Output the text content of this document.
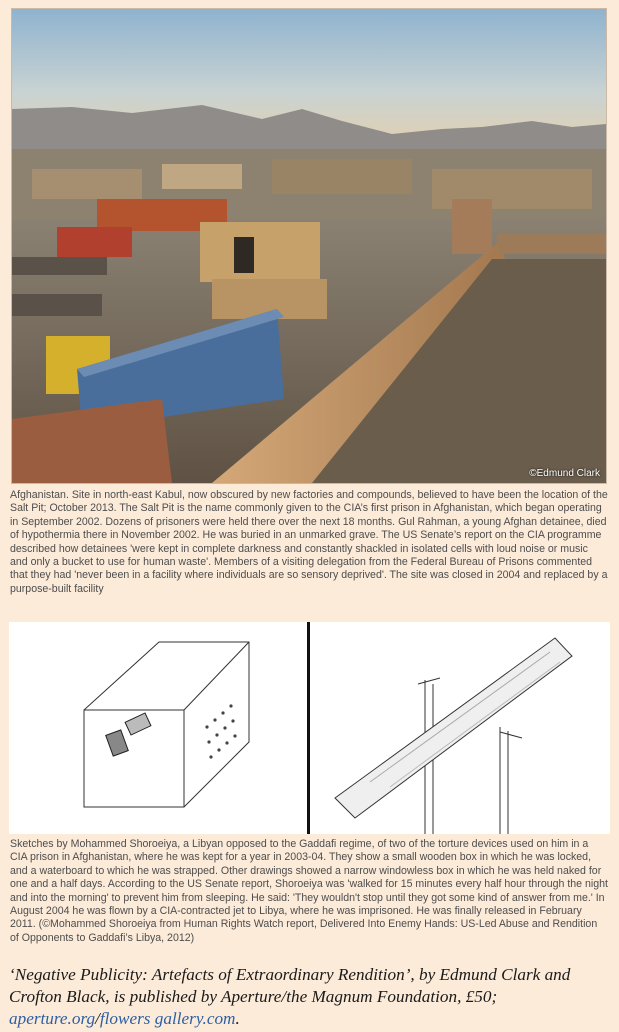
©Edmund Clark

Afghanistan. Site in north-east Kabul, now obscured by new factories and compounds, believed to have been the location of the Salt Pit; October 2013. The Salt Pit is the name commonly given to the CIA’s first prison in Afghanistan, which began operating in September 2002. Dozens of prisoners were held there over the next 18 months. Gul Rahman, a young Afghan detainee, died of hypothermia there in November 2002. He was buried in an unmarked grave. The US Senate’s report on the CIA programme described how detainees 'were kept in complete darkness and constantly shackled in isolated cells with loud noise or music and only a bucket to use for human waste'. Members of a visiting delegation from the Federal Bureau of Prisons commented that they had 'never been in a facility where individuals are so sensory deprived'. The site was closed in 2004 and replaced by a purpose-built facility

Sketches by Mohammed Shoroeiya, a Libyan opposed to the Gaddafi regime, of two of the torture devices used on him in a CIA prison in Afghanistan, where he was kept for a year in 2003-04. They show a small wooden box in which he was locked, and a waterboard to which he was strapped. Other drawings showed a narrow windowless box in which he was held naked for one and a half days. According to the US Senate report, Shoroeiya was 'walked for 15 minutes every half hour through the night and into the morning' to prevent him from sleeping. He said: 'They wouldn't stop until they got some kind of answer from me.' In August 2004 he was flown by a CIA-contracted jet to Libya, where he was imprisoned. He was finally released in February 2011. (©Mohammed Shoroeiya from Human Rights Watch report, Delivered Into Enemy Hands: US-Led Abuse and Rendition of Opponents to Gaddafi’s Libya, 2012)

‘Negative Publicity: Artefacts of Extraordinary Rendition’, by Edmund Clark and Crofton Black, is published by Aperture/the Magnum Foundation, £50; aperture.org/flowers gallery.com.
